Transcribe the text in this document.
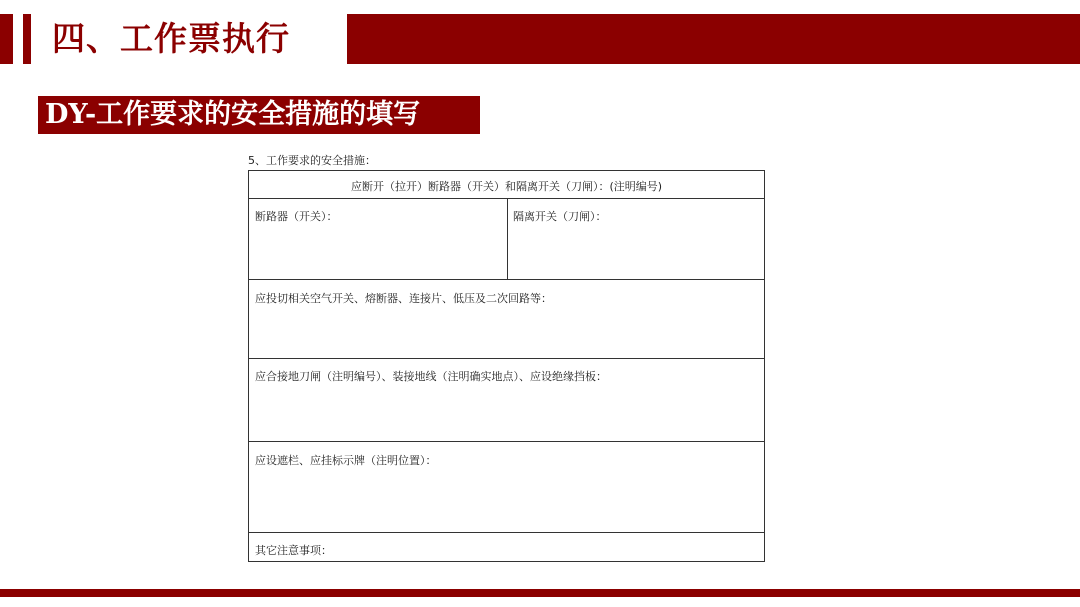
四、工作票执行
DY-工作要求的安全措施的填写
5、工作要求的安全措施：
应断开（拉开）断路器（开关）和隔离开关（刀闸）：(注明编号)
断路器（开关）：	隔离开关（刀闸）：
应投切相关空气开关、熔断器、连接片、低压及二次回路等：
应合接地刀闸（注明编号）、装接地线（注明确实地点）、应设绝缘挡板：
应设遮栏、应挂标示牌（注明位置）：
其它注意事项：
